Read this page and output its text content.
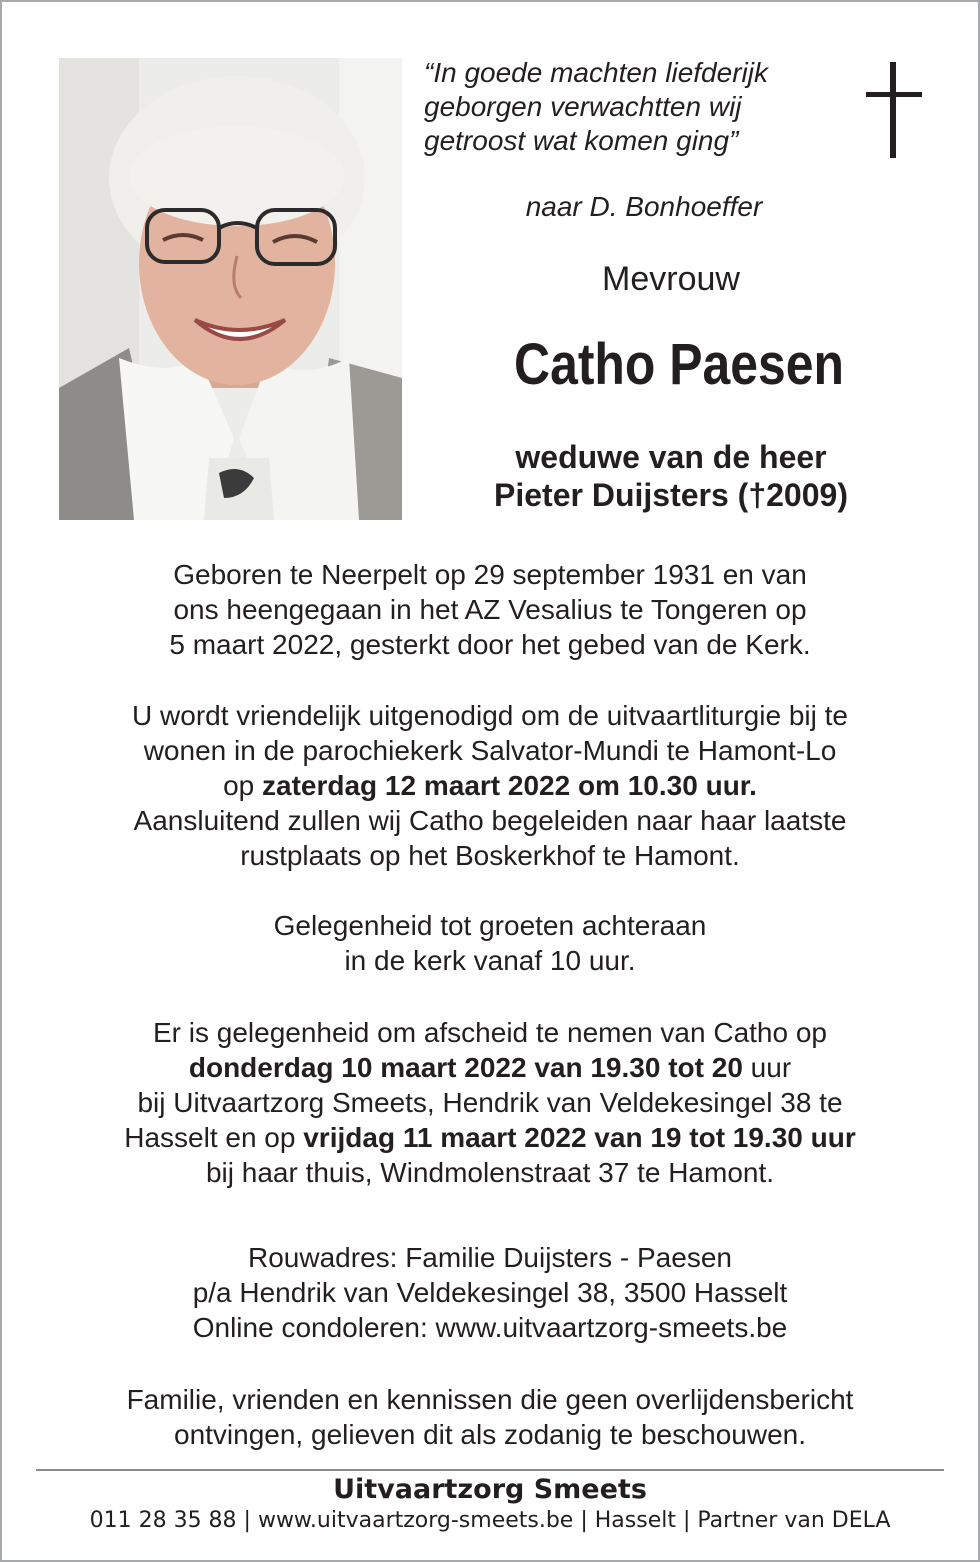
“In goede machten liefderijk
geborgen verwachtten wij
getroost wat komen ging”
naar D. Bonhoeffer
Mevrouw
Catho Paesen
weduwe van de heer
Pieter Duijsters (†2009)
Geboren te Neerpelt op 29 september 1931 en van
ons heengegaan in het AZ Vesalius te Tongeren op
5 maart 2022, gesterkt door het gebed van de Kerk.
U wordt vriendelijk uitgenodigd om de uitvaartliturgie bij te
wonen in de parochiekerk Salvator-Mundi te Hamont-Lo
op zaterdag 12 maart 2022 om 10.30 uur.
Aansluitend zullen wij Catho begeleiden naar haar laatste
rustplaats op het Boskerkhof te Hamont.
Gelegenheid tot groeten achteraan
in de kerk vanaf 10 uur.
Er is gelegenheid om afscheid te nemen van Catho op
donderdag 10 maart 2022 van 19.30 tot 20 uur
bij Uitvaartzorg Smeets, Hendrik van Veldekesingel 38 te
Hasselt en op vrijdag 11 maart 2022 van 19 tot 19.30 uur
bij haar thuis, Windmolenstraat 37 te Hamont.
Rouwadres: Familie Duijsters - Paesen
p/a Hendrik van Veldekesingel 38, 3500 Hasselt
Online condoleren: www.uitvaartzorg-smeets.be
Familie, vrienden en kennissen die geen overlijdensbericht
ontvingen, gelieven dit als zodanig te beschouwen.
Uitvaartzorg Smeets
011 28 35 88 | www.uitvaartzorg-smeets.be | Hasselt | Partner van DELA
